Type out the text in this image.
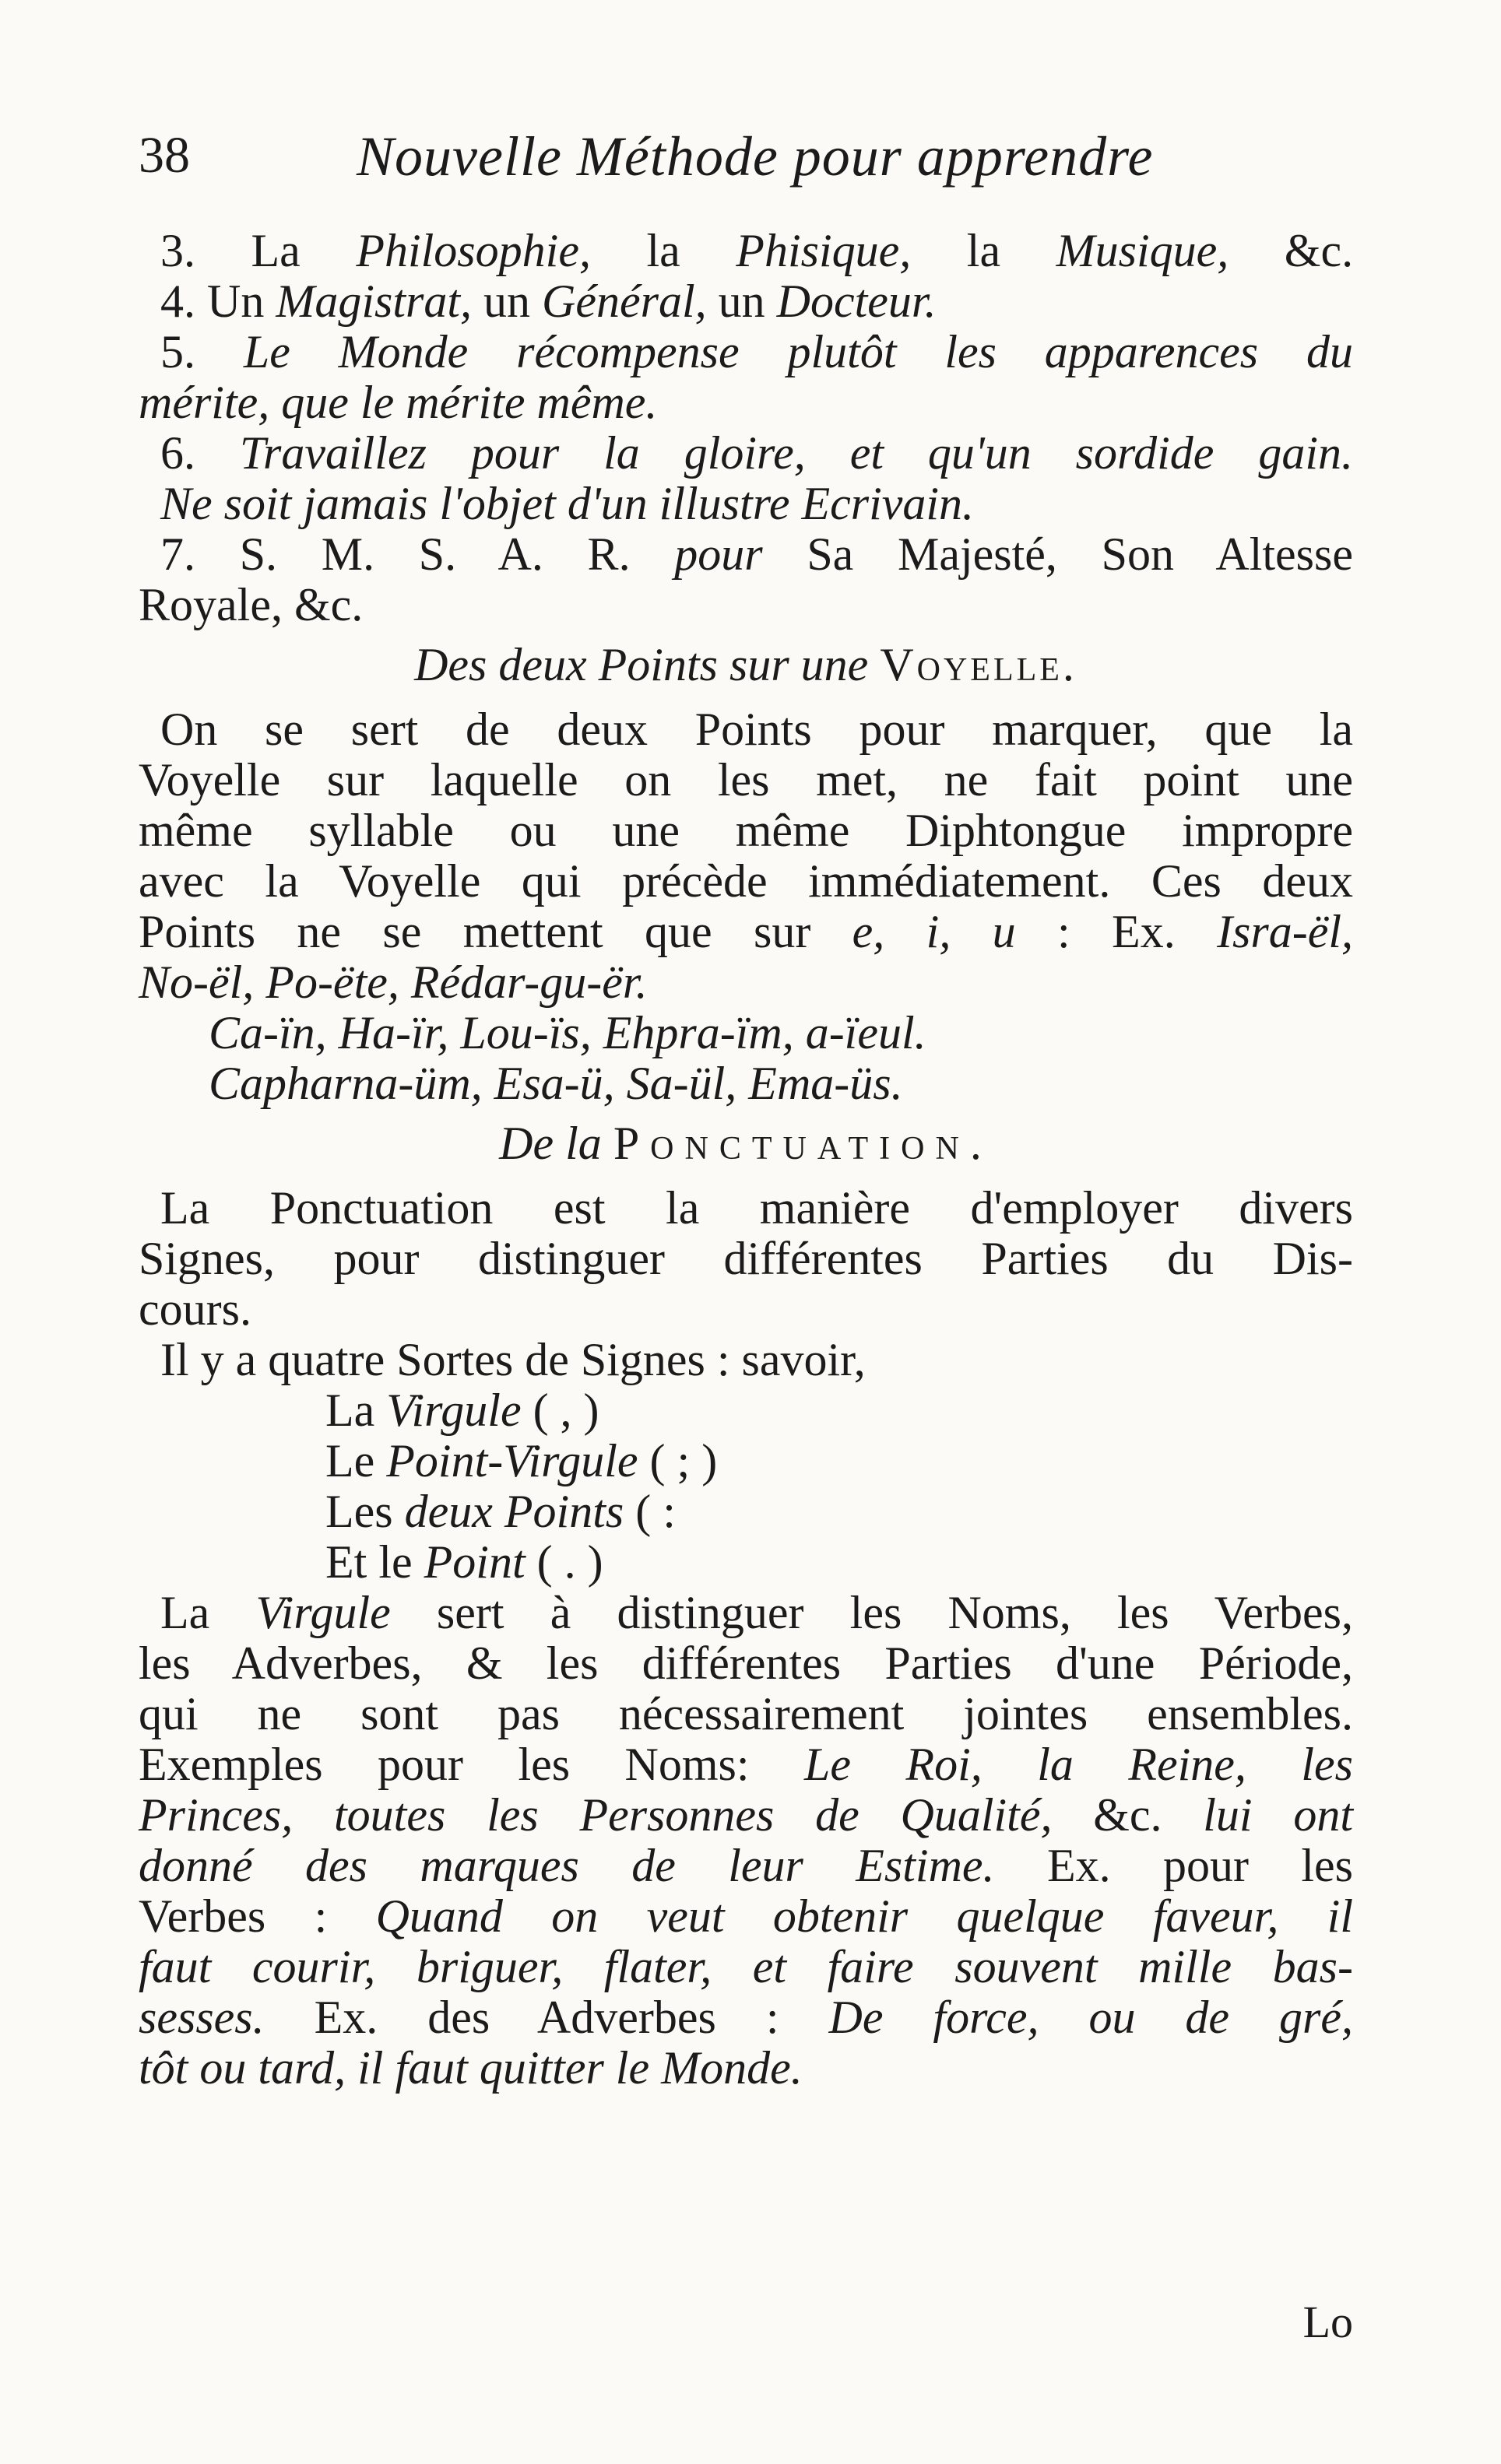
38	Nouvelle Méthode pour apprendre
3. La Philosophie, la Phisique, la Musique, &c.
4. Un Magistrat, un Général, un Docteur.
5. Le Monde récompense plutôt les apparences du
mérite, que le mérite même.
6. Travaillez pour la gloire, et qu'un sordide gain.
Ne soit jamais l'objet d'un illustre Ecrivain.
7. S. M. S. A. R. pour Sa Majesté, Son Altesse
Royale, &c.
Des deux Points sur une Voyelle.
On se sert de deux Points pour marquer, que la
Voyelle sur laquelle on les met, ne fait point une
même syllable ou une même Diphtongue impropre
avec la Voyelle qui précède immédiatement. Ces deux
Points ne se mettent que sur e, i, u : Ex. Isra-ël,
No-ël, Po-ëte, Rédar-gu-ër.
Ca-ïn, Ha-ïr, Lou-ïs, Ehpra-ïm, a-ïeul.
Capharna-üm, Esa-ü, Sa-ül, Ema-üs.
De la Ponctuation.
La Ponctuation est la manière d'employer divers
Signes, pour distinguer différentes Parties du Dis-
cours.
Il y a quatre Sortes de Signes : savoir,
La Virgule ( , )
Le Point-Virgule ( ; )
Les deux Points ( :
Et le Point ( . )
La Virgule sert à distinguer les Noms, les Verbes,
les Adverbes, & les différentes Parties d'une Période,
qui ne sont pas nécessairement jointes ensembles.
Exemples pour les Noms: Le Roi, la Reine, les
Princes, toutes les Personnes de Qualité, &c. lui ont
donné des marques de leur Estime. Ex. pour les
Verbes : Quand on veut obtenir quelque faveur, il
faut courir, briguer, flater, et faire souvent mille bas-
sesses. Ex. des Adverbes : De force, ou de gré,
tôt ou tard, il faut quitter le Monde.
Lo
